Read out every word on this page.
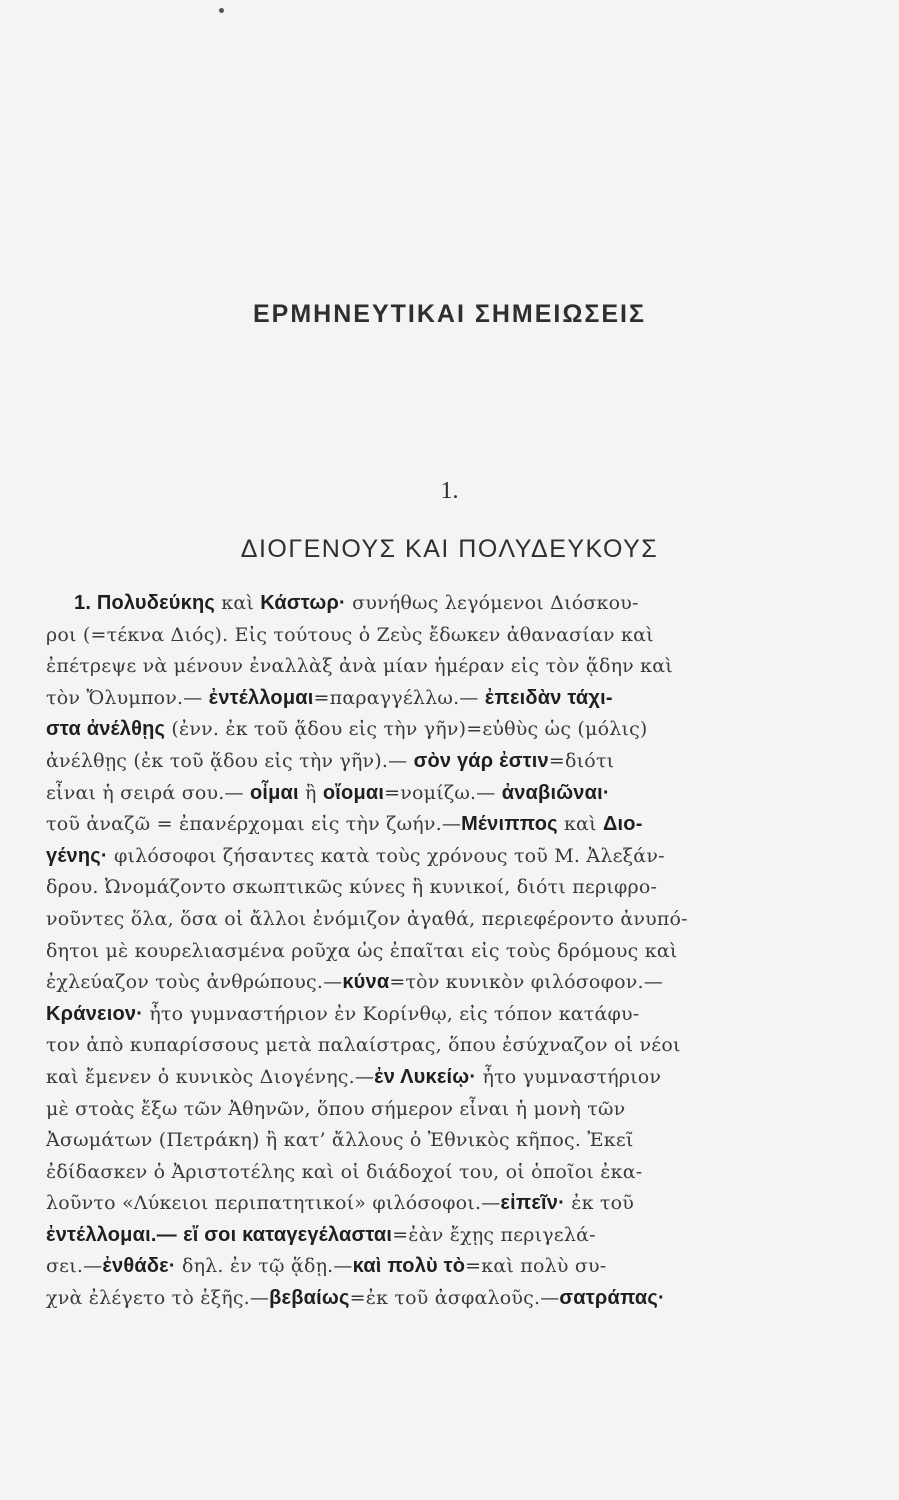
ΕΡΜΗΝΕΥΤΙΚΑΙ ΣΗΜΕΙΩΣΕΙΣ
1.
ΔΙΟΓΕΝΟΥΣ ΚΑΙ ΠΟΛΥΔΕΥΚΟΥΣ
1. Πολυδεύκης καὶ Κάστωρ· συνήθως λεγόμενοι Διόσκου-
ροι (=τέκνα Διός). Εἰς τούτους ὁ Ζεὺς ἔδωκεν ἀθανασίαν καὶ
ἐπέτρεψε νὰ μένουν ἐναλλὰξ ἀνὰ μίαν ἡμέραν εἰς τὸν ᾅδην καὶ
τὸν Ὄλυμπον.— ἐντέλλομαι=παραγγέλλω.— ἐπειδὰν τάχι-
στα ἀνέλθῃς (ἐνν. ἐκ τοῦ ᾅδου εἰς τὴν γῆν)=εὐθὺς ὡς (μόλις)
ἀνέλθῃς (ἐκ τοῦ ᾅδου εἰς τὴν γῆν).— σὸν γάρ ἐστιν=διότι
εἶναι ἡ σειρά σου.— οἶμαι ἢ οἴομαι=νομίζω.— ἀναβιῶναι·
τοῦ ἀναζῶ = ἐπανέρχομαι εἰς τὴν ζωήν.—Μένιππος καὶ Διο-
γένης· φιλόσοφοι ζήσαντες κατὰ τοὺς χρόνους τοῦ Μ. Ἀλεξάν-
δρου. Ὠνομάζοντο σκωπτικῶς κύνες ἢ κυνικοί, διότι περιφρο-
νοῦντες ὅλα, ὅσα οἱ ἄλλοι ἐνόμιζον ἀγαθά, περιεφέροντο ἀνυπό-
δητοι μὲ κουρελιασμένα ροῦχα ὡς ἐπαῖται εἰς τοὺς δρόμους καὶ
ἐχλεύαζον τοὺς ἀνθρώπους.—κύνα=τὸν κυνικὸν φιλόσοφον.—
Κράνειον· ἦτο γυμναστήριον ἐν Κορίνθῳ, εἰς τόπον κατάφυ-
τον ἀπὸ κυπαρίσσους μετὰ παλαίστρας, ὅπου ἐσύχναζον οἱ νέοι
καὶ ἔμενεν ὁ κυνικὸς Διογένης.—ἐν Λυκείῳ· ἦτο γυμναστήριον
μὲ στοὰς ἔξω τῶν Ἀθηνῶν, ὅπου σήμερον εἶναι ἡ μονὴ τῶν
Ἀσωμάτων (Πετράκη) ἢ κατ’ ἄλλους ὁ Ἐθνικὸς κῆπος. Ἐκεῖ
ἐδίδασκεν ὁ Ἀριστοτέλης καὶ οἱ διάδοχοί του, οἱ ὁποῖοι ἐκα-
λοῦντο «Λύκειοι περιπατητικοί» φιλόσοφοι.—εἰπεῖν· ἐκ τοῦ
ἐντέλλομαι.— εἴ σοι καταγεγέλασται=ἐὰν ἔχῃς περιγελά-
σει.—ἐνθάδε· δηλ. ἐν τῷ ᾅδῃ.—καὶ πολὺ τὸ=καὶ πολὺ συ-
χνὰ ἐλέγετο τὸ ἑξῆς.—βεβαίως=ἐκ τοῦ ἀσφαλοῦς.—σατράπας·
